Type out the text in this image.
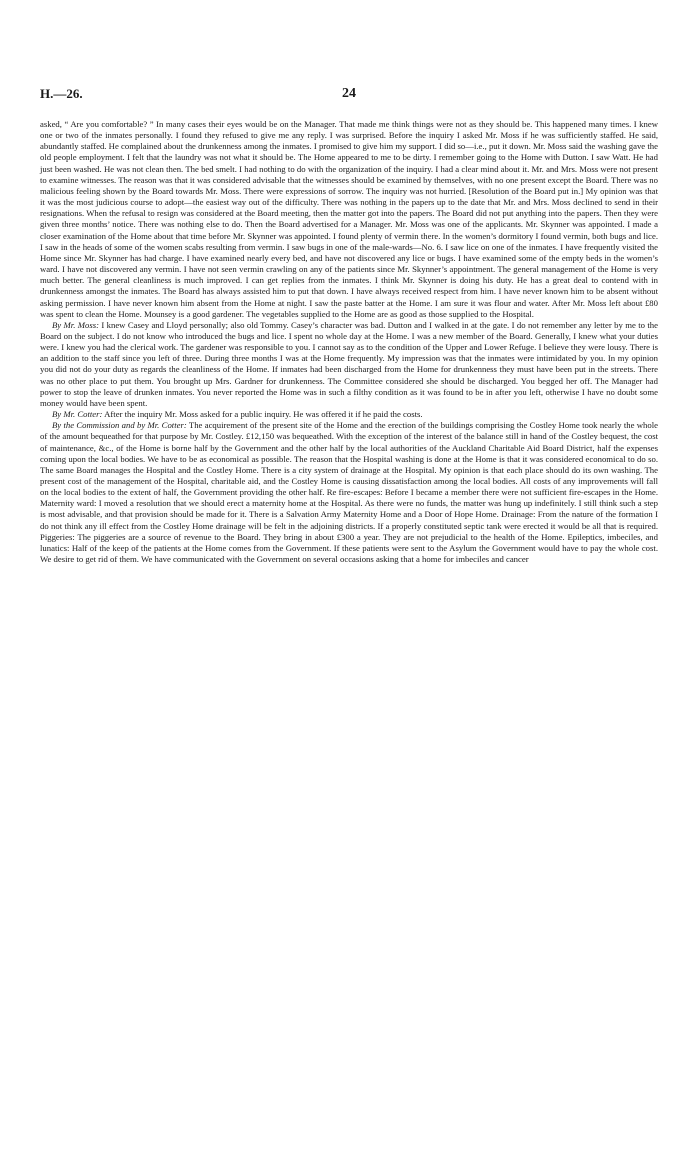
H.—26.	24

asked, “ Are you comfortable? ” In many cases their eyes would be on the Manager. That made me think things were not as they should be. This happened many times. I knew one or two of the inmates personally. I found they refused to give me any reply. I was surprised. Before the inquiry I asked Mr. Moss if he was sufficiently staffed. He said, abundantly staffed. He complained about the drunkenness among the inmates. I promised to give him my support. I did so—i.e., put it down. Mr. Moss said the washing gave the old people employment. I felt that the laundry was not what it should be. The Home appeared to me to be dirty. I remember going to the Home with Dutton. I saw Watt. He had just been washed. He was not clean then. The bed smelt. I had nothing to do with the organization of the inquiry. I had a clear mind about it. Mr. and Mrs. Moss were not present to examine witnesses. The reason was that it was considered advisable that the witnesses should be examined by themselves, with no one present except the Board. There was no malicious feeling shown by the Board towards Mr. Moss. There were expressions of sorrow. The inquiry was not hurried. [Resolution of the Board put in.] My opinion was that it was the most judicious course to adopt—the easiest way out of the difficulty. There was nothing in the papers up to the date that Mr. and Mrs. Moss declined to send in their resignations. When the refusal to resign was considered at the Board meeting, then the matter got into the papers. The Board did not put anything into the papers. Then they were given three months’ notice. There was nothing else to do. Then the Board advertised for a Manager. Mr. Moss was one of the applicants. Mr. Skynner was appointed. I made a closer examination of the Home about that time before Mr. Skynner was appointed. I found plenty of vermin there. In the women’s dormitory I found vermin, both bugs and lice. I saw in the heads of some of the women scabs resulting from vermin. I saw bugs in one of the male-wards—No. 6. I saw lice on one of the inmates. I have frequently visited the Home since Mr. Skynner has had charge. I have examined nearly every bed, and have not discovered any lice or bugs. I have examined some of the empty beds in the women’s ward. I have not discovered any vermin. I have not seen vermin crawling on any of the patients since Mr. Skynner’s appointment. The general management of the Home is very much better. The general cleanliness is much improved. I can get replies from the inmates. I think Mr. Skynner is doing his duty. He has a great deal to contend with in drunkenness amongst the inmates. The Board has always assisted him to put that down. I have always received respect from him. I have never known him to be absent without asking permission. I have never known him absent from the Home at night. I saw the paste batter at the Home. I am sure it was flour and water. After Mr. Moss left about £80 was spent to clean the Home. Mounsey is a good gardener. The vegetables supplied to the Home are as good as those supplied to the Hospital.

By Mr. Moss: I knew Casey and Lloyd personally; also old Tommy. Casey’s character was bad. Dutton and I walked in at the gate. I do not remember any letter by me to the Board on the subject. I do not know who introduced the bugs and lice. I spent no whole day at the Home. I was a new member of the Board. Generally, I knew what your duties were. I knew you had the clerical work. The gardener was responsible to you. I cannot say as to the condition of the Upper and Lower Refuge. I believe they were lousy. There is an addition to the staff since you left of three. During three months I was at the Home frequently. My impression was that the inmates were intimidated by you. In my opinion you did not do your duty as regards the cleanliness of the Home. If inmates had been discharged from the Home for drunkenness they must have been put in the streets. There was no other place to put them. You brought up Mrs. Gardner for drunkenness. The Committee considered she should be discharged. You begged her off. The Manager had power to stop the leave of drunken inmates. You never reported the Home was in such a filthy condition as it was found to be in after you left, otherwise I have no doubt some money would have been spent.

By Mr. Cotter: After the inquiry Mr. Moss asked for a public inquiry. He was offered it if he paid the costs.

By the Commission and by Mr. Cotter: The acquirement of the present site of the Home and the erection of the buildings comprising the Costley Home took nearly the whole of the amount bequeathed for that purpose by Mr. Costley. £12,150 was bequeathed. With the exception of the interest of the balance still in hand of the Costley bequest, the cost of maintenance, &c., of the Home is borne half by the Government and the other half by the local authorities of the Auckland Charitable Aid Board District, half the expenses coming upon the local bodies. We have to be as economical as possible. The reason that the Hospital washing is done at the Home is that it was considered economical to do so. The same Board manages the Hospital and the Costley Home. There is a city system of drainage at the Hospital. My opinion is that each place should do its own washing. The present cost of the management of the Hospital, charitable aid, and the Costley Home is causing dissatisfaction among the local bodies. All costs of any improvements will fall on the local bodies to the extent of half, the Government providing the other half. Re fire-escapes: Before I became a member there were not sufficient fire-escapes in the Home. Maternity ward: I moved a resolution that we should erect a maternity home at the Hospital. As there were no funds, the matter was hung up indefinitely. I still think such a step is most advisable, and that provision should be made for it. There is a Salvation Army Maternity Home and a Door of Hope Home. Drainage: From the nature of the formation I do not think any ill effect from the Costley Home drainage will be felt in the adjoining districts. If a properly constituted septic tank were erected it would be all that is required. Piggeries: The piggeries are a source of revenue to the Board. They bring in about £300 a year. They are not prejudicial to the health of the Home. Epileptics, imbeciles, and lunatics: Half of the keep of the patients at the Home comes from the Government. If these patients were sent to the Asylum the Government would have to pay the whole cost. We desire to get rid of them. We have communicated with the Government on several occasions asking that a home for imbeciles and cancer
